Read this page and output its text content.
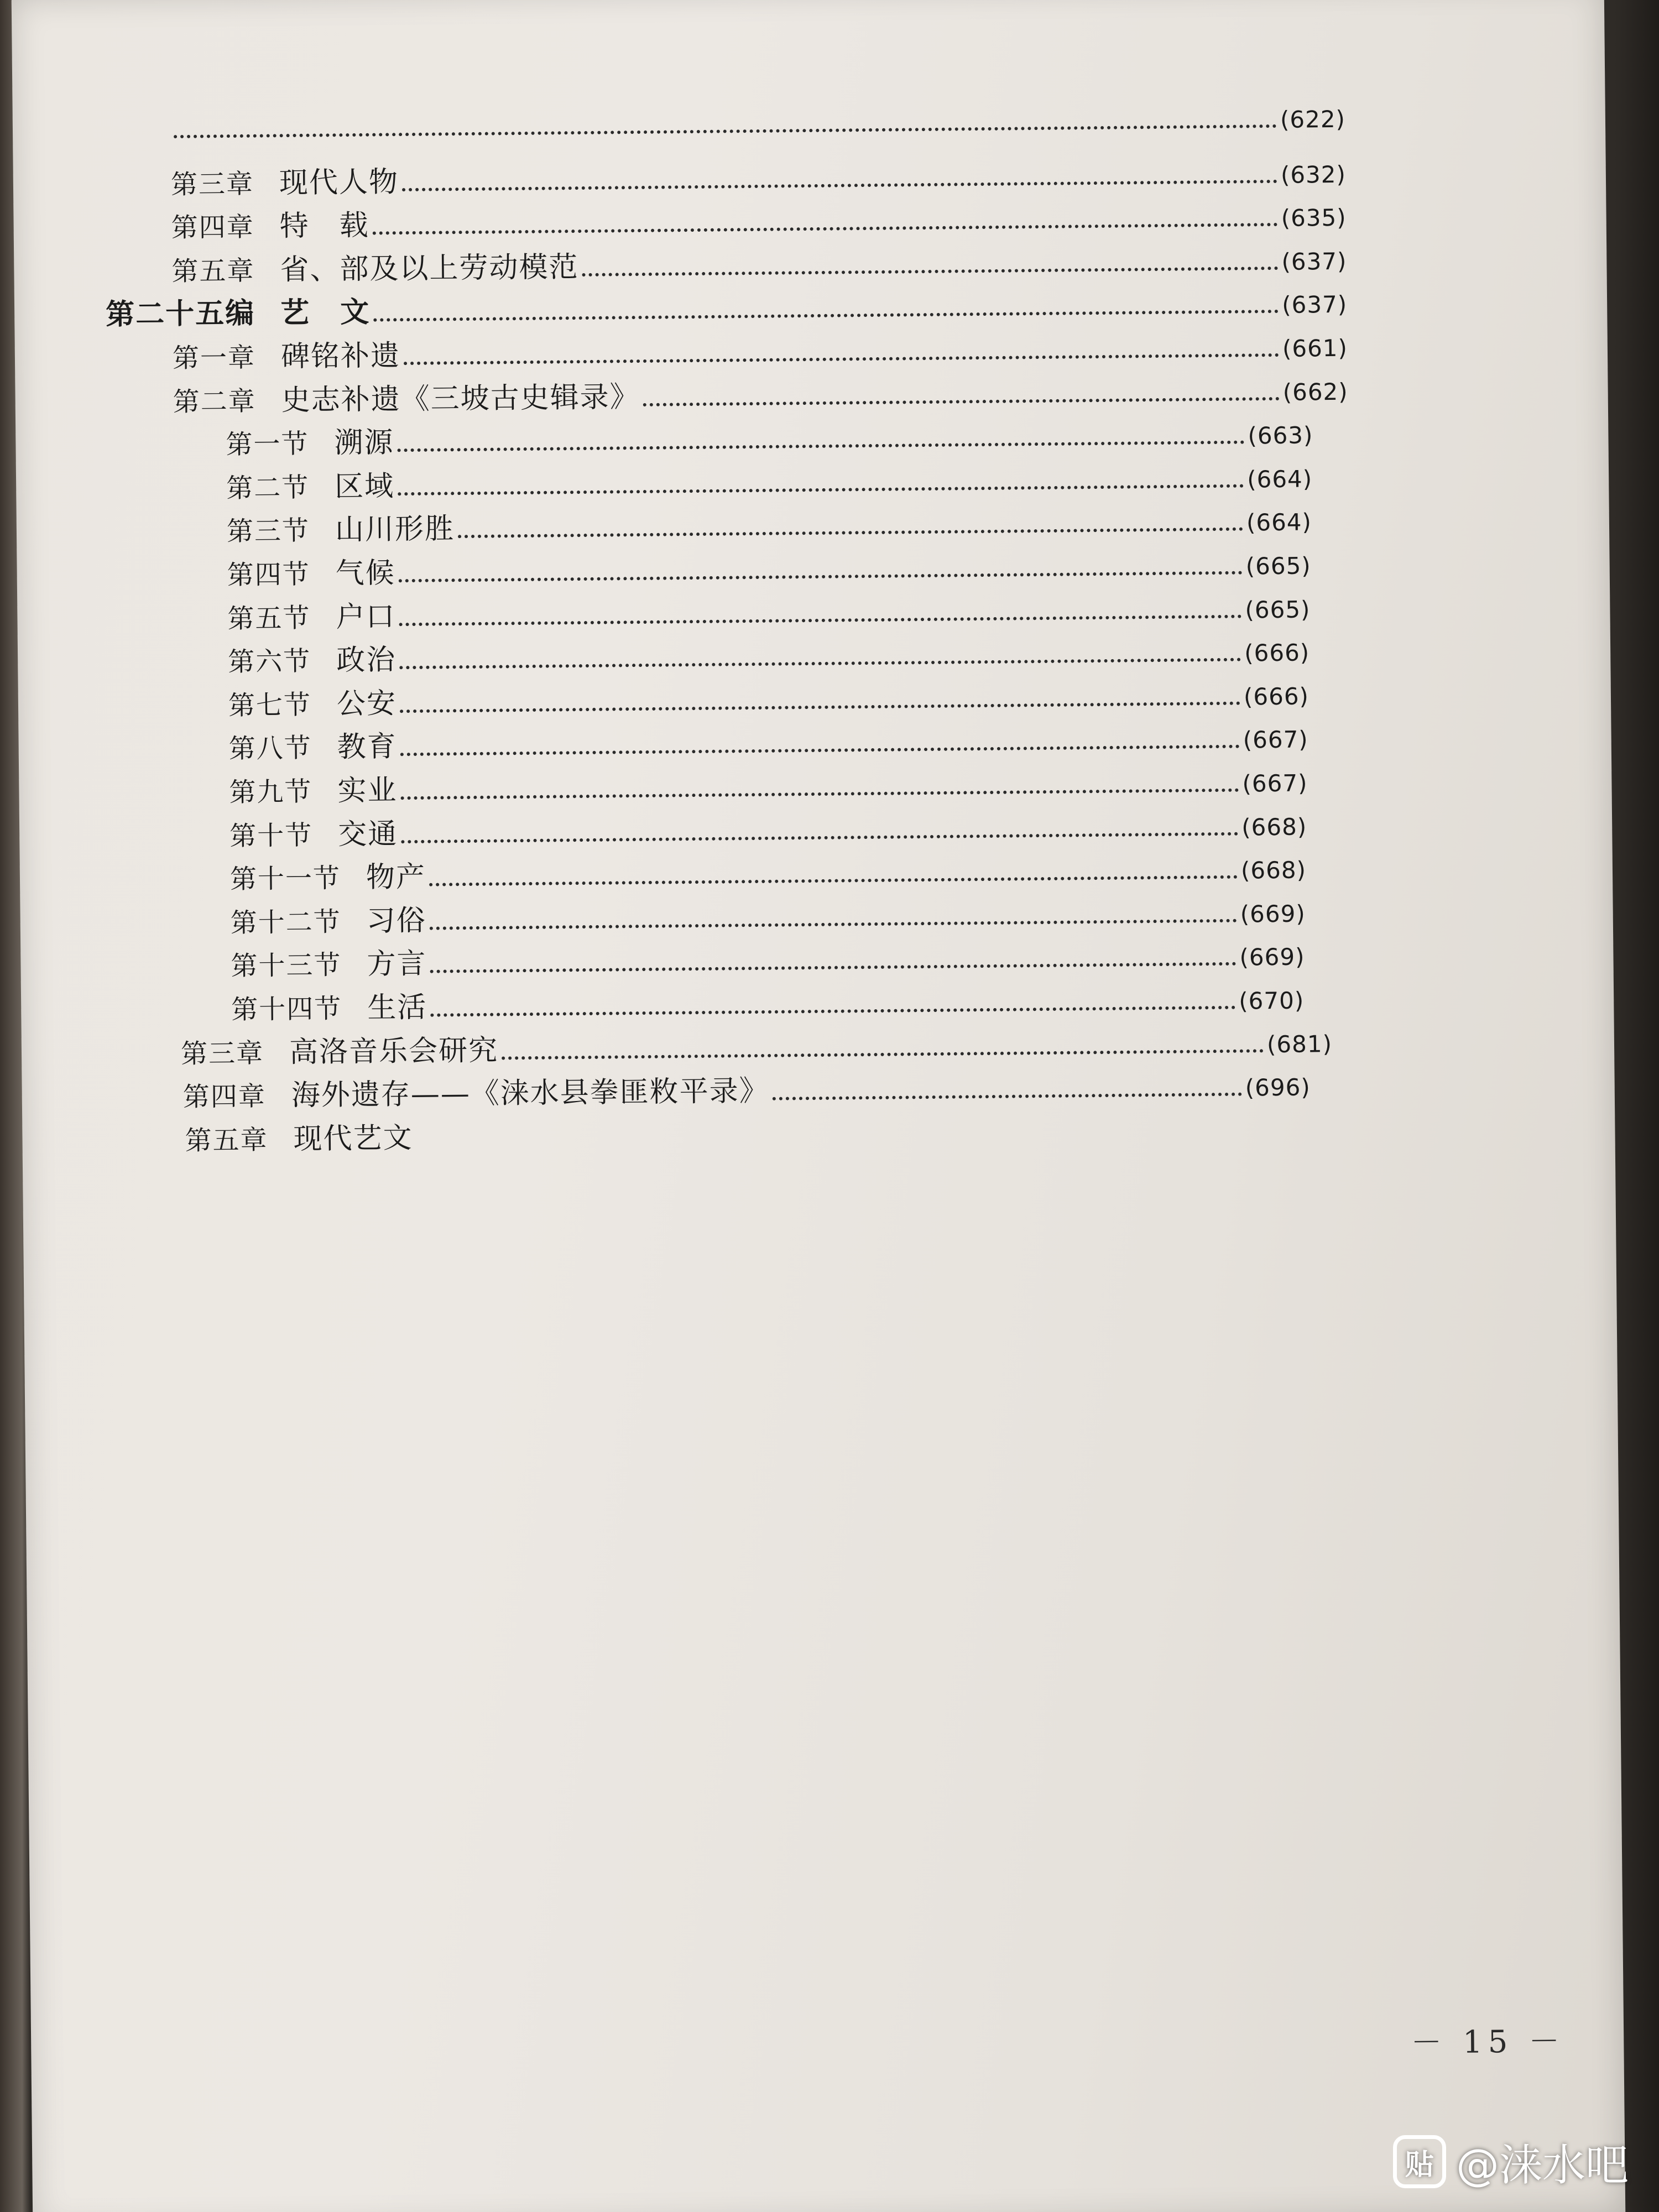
(622)
第三章 现代人物	(632)
第四章 特　载	(635)
第五章 省、部及以上劳动模范	(637)
第二十五编 艺　文	(637)
第一章 碑铭补遗	(661)
第二章 史志补遗《三坡古史辑录》	(662)
第一节 溯源	(663)
第二节 区域	(664)
第三节 山川形胜	(664)
第四节 气候	(665)
第五节 户口	(665)
第六节 政治	(666)
第七节 公安	(666)
第八节 教育	(667)
第九节 实业	(667)
第十节 交通	(668)
第十一节 物产	(668)
第十二节 习俗	(669)
第十三节 方言	(669)
第十四节 生活	(670)
第三章 高洛音乐会研究	(681)
第四章 海外遗存——《涞水县拳匪敉平录》	(696)
第五章 现代艺文
－ 15 －
贴 @涞水吧
